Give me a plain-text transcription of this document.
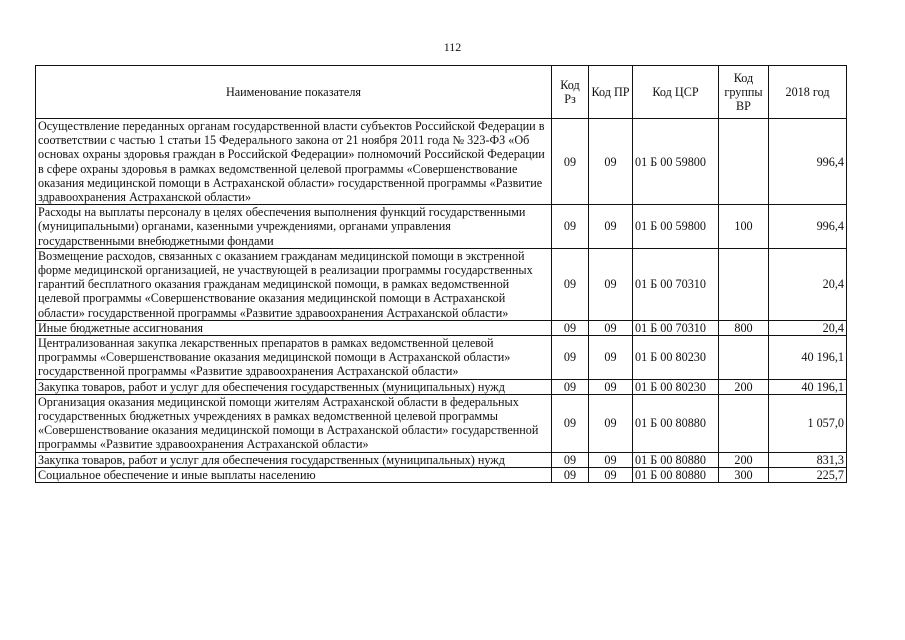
112
Наименование показателя	Код Рз	Код ПР	Код ЦСР	Код группы ВР	2018 год
Осуществление переданных органам государственной власти субъектов Российской Федерации в соответствии с частью 1 статьи 15 Федерального закона от 21 ноября 2011 года № 323-ФЗ «Об основах охраны здоровья граждан в Российской Федерации» полномочий Российской Федерации в сфере охраны здоровья в рамках ведомственной целевой программы «Совершенствование оказания медицинской помощи в Астраханской области» государственной программы «Развитие здравоохранения Астраханской области»	09	09	01 Б 00 59800		996,4
Расходы на выплаты персоналу в целях обеспечения выполнения функций государственными (муниципальными) органами, казенными учреждениями, органами управления государственными внебюджетными фондами	09	09	01 Б 00 59800	100	996,4
Возмещение расходов, связанных с оказанием гражданам медицинской помощи в экстренной форме медицинской организацией, не участвующей в реализации программы государственных гарантий бесплатного оказания гражданам медицинской помощи, в рамках ведомственной целевой программы «Совершенствование оказания медицинской помощи в Астраханской области» государственной программы «Развитие здравоохранения Астраханской области»	09	09	01 Б 00 70310		20,4
Иные бюджетные ассигнования	09	09	01 Б 00 70310	800	20,4
Централизованная закупка лекарственных препаратов в рамках ведомственной целевой программы «Совершенствование оказания медицинской помощи в Астраханской области» государственной программы «Развитие здравоохранения Астраханской области»	09	09	01 Б 00 80230		40 196,1
Закупка товаров, работ и услуг для обеспечения государственных (муниципальных) нужд	09	09	01 Б 00 80230	200	40 196,1
Организация оказания медицинской помощи жителям Астраханской области в федеральных государственных бюджетных учреждениях в рамках ведомственной целевой программы «Совершенствование оказания медицинской помощи в Астраханской области» государственной программы «Развитие здравоохранения Астраханской области»	09	09	01 Б 00 80880		1 057,0
Закупка товаров, работ и услуг для обеспечения государственных (муниципальных) нужд	09	09	01 Б 00 80880	200	831,3
Социальное обеспечение и иные выплаты населению	09	09	01 Б 00 80880	300	225,7
